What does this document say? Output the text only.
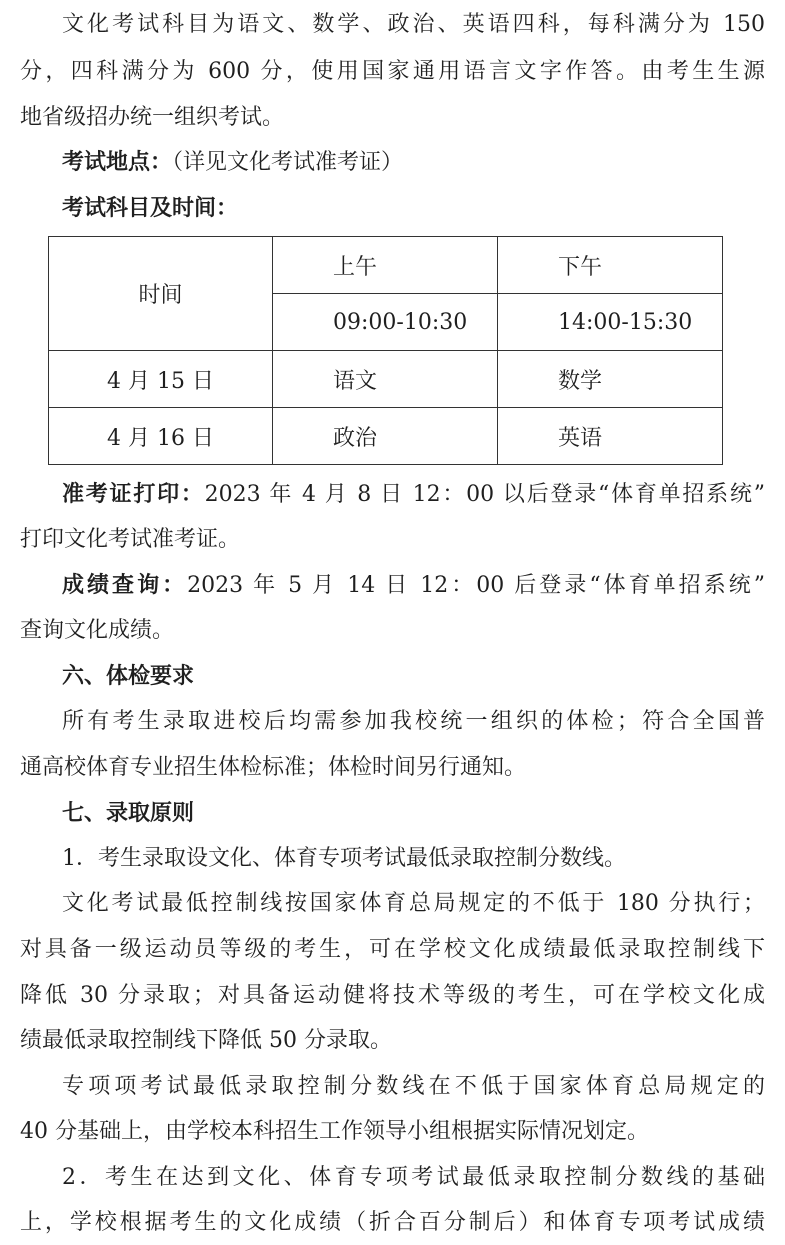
文化考试科目为语文、数学、政治、英语四科，每科满分为 150
分，四科满分为 600 分，使用国家通用语言文字作答。由考生生源
地省级招办统一组织考试。
考试地点：（详见文化考试准考证）
考试科目及时间：
时间	上午	下午
	09:00-10:30	14:00-15:30
4 月 15 日	语文	数学
4 月 16 日	政治	英语
准考证打印：2023 年 4 月 8 日 12：00 以后登录“体育单招系统”
打印文化考试准考证。
成绩查询：2023 年 5 月 14 日 12：00 后登录“体育单招系统”
查询文化成绩。
六、体检要求
所有考生录取进校后均需参加我校统一组织的体检；符合全国普
通高校体育专业招生体检标准；体检时间另行通知。
七、录取原则
1．考生录取设文化、体育专项考试最低录取控制分数线。
文化考试最低控制线按国家体育总局规定的不低于 180 分执行；
对具备一级运动员等级的考生，可在学校文化成绩最低录取控制线下
降低 30 分录取；对具备运动健将技术等级的考生，可在学校文化成
绩最低录取控制线下降低 50 分录取。
专项项考试最低录取控制分数线在不低于国家体育总局规定的
40 分基础上，由学校本科招生工作领导小组根据实际情况划定。
2．考生在达到文化、体育专项考试最低录取控制分数线的基础
上，学校根据考生的文化成绩（折合百分制后）和体育专项考试成绩
